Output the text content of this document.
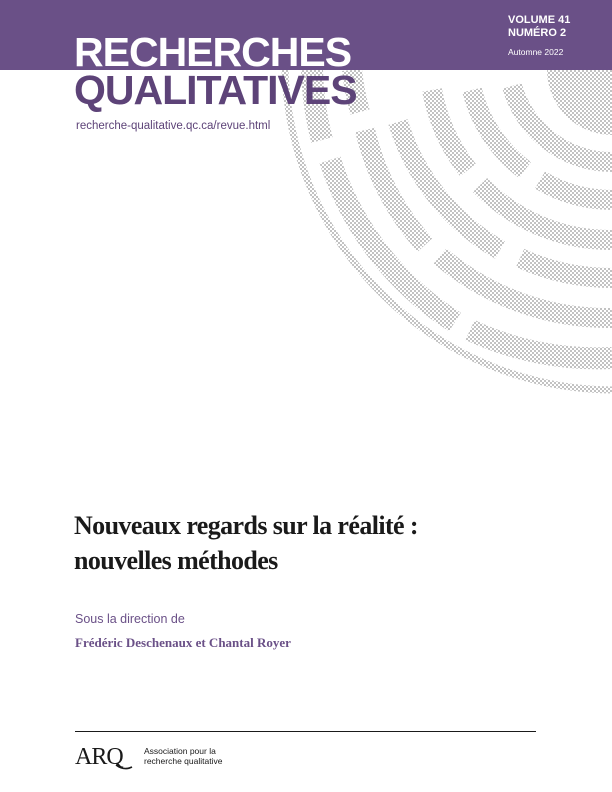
VOLUME 41
NUMÉRO 2
Automne 2022
RECHERCHES
QUALITATIVES
recherche-qualitative.qc.ca/revue.html
Nouveaux regards sur la réalité :
nouvelles méthodes
Sous la direction de
Frédéric Deschenaux et Chantal Royer
ARQ	Association pour la
recherche qualitative
